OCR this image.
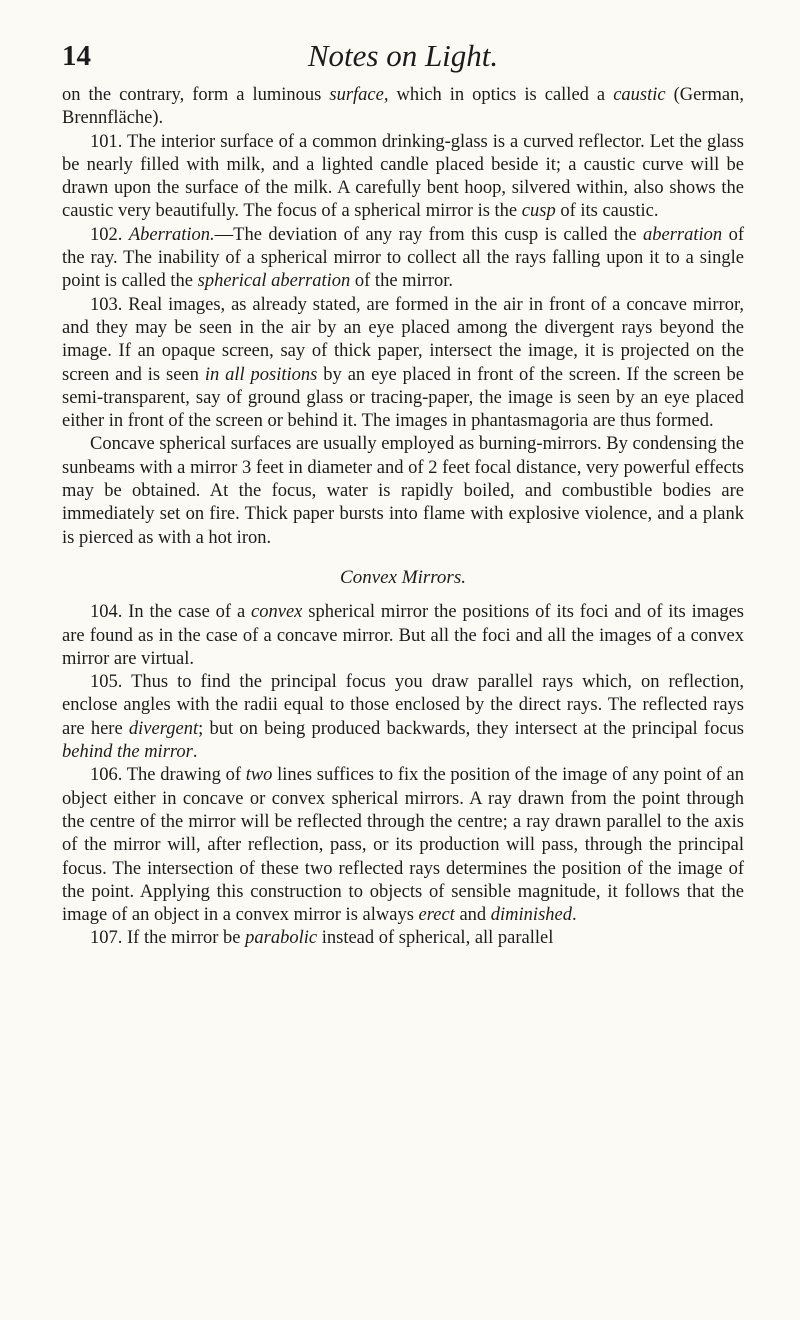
14	Notes on Light.

on the contrary, form a luminous surface, which in optics is called a caustic (German, Brennfläche).

101. The interior surface of a common drinking-glass is a curved reflector. Let the glass be nearly filled with milk, and a lighted candle placed beside it; a caustic curve will be drawn upon the surface of the milk. A carefully bent hoop, silvered within, also shows the caustic very beautifully. The focus of a spherical mirror is the cusp of its caustic.

102. Aberration.—The deviation of any ray from this cusp is called the aberration of the ray. The inability of a spherical mirror to collect all the rays falling upon it to a single point is called the spherical aberration of the mirror.

103. Real images, as already stated, are formed in the air in front of a concave mirror, and they may be seen in the air by an eye placed among the divergent rays beyond the image. If an opaque screen, say of thick paper, intersect the image, it is projected on the screen and is seen in all positions by an eye placed in front of the screen. If the screen be semi-transparent, say of ground glass or tracing-paper, the image is seen by an eye placed either in front of the screen or behind it. The images in phantasmagoria are thus formed.

Concave spherical surfaces are usually employed as burning-mirrors. By condensing the sunbeams with a mirror 3 feet in diameter and of 2 feet focal distance, very powerful effects may be obtained. At the focus, water is rapidly boiled, and combustible bodies are immediately set on fire. Thick paper bursts into flame with explosive violence, and a plank is pierced as with a hot iron.

Convex Mirrors.

104. In the case of a convex spherical mirror the positions of its foci and of its images are found as in the case of a concave mirror. But all the foci and all the images of a convex mirror are virtual.

105. Thus to find the principal focus you draw parallel rays which, on reflection, enclose angles with the radii equal to those enclosed by the direct rays. The reflected rays are here divergent; but on being produced backwards, they intersect at the principal focus behind the mirror.

106. The drawing of two lines suffices to fix the position of the image of any point of an object either in concave or convex spherical mirrors. A ray drawn from the point through the centre of the mirror will be reflected through the centre; a ray drawn parallel to the axis of the mirror will, after reflection, pass, or its production will pass, through the principal focus. The intersection of these two reflected rays determines the position of the image of the point. Applying this construction to objects of sensible magnitude, it follows that the image of an object in a convex mirror is always erect and diminished.

107. If the mirror be parabolic instead of spherical, all parallel
